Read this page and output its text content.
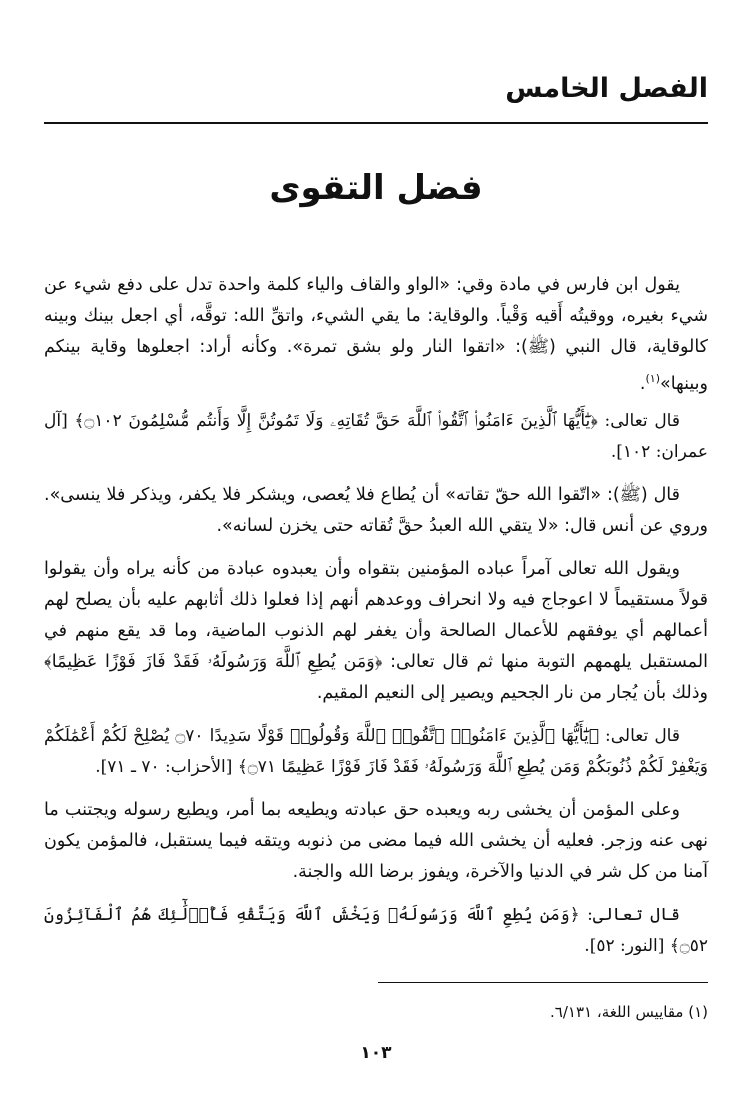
الفصل الخامس
فضل التقوى

يقول ابن فارس في مادة وقي: «الواو والقاف والياء كلمة واحدة تدل على دفع شيء عن شيء بغيره، ووقيتُه أَقيه وَقْياً. والوقاية: ما يقي الشيء، واتقِّ الله: توقَّه، أي اجعل بينك وبينه كالوقاية، قال النبي (ﷺ): «اتقوا النار ولو بشق تمرة». وكأنه أراد: اجعلوها وقاية بينكم وبينها»$^{(١)}$.

قال تعالى: ﴿يَٰٓأَيُّهَا ٱلَّذِينَ ءَامَنُوا۟ ٱتَّقُوا۟ ٱللَّهَ حَقَّ تُقَاتِهِۦ وَلَا تَمُوتُنَّ إِلَّا وَأَنتُم مُّسْلِمُونَ ۝١٠٢﴾ [آل عمران: ١٠٢].

قال (ﷺ): «اتّقوا الله حقّ تقاته» أن يُطاع فلا يُعصى، ويشكر فلا يكفر، ويذكر فلا ينسى». وروي عن أنس قال: «لا يتقي الله العبدُ حقَّ تُقاته حتى يخزن لسانه».

ويقول الله تعالى آمراً عباده المؤمنين بتقواه وأن يعبدوه عبادة من كأنه يراه وأن يقولوا قولاً مستقيماً لا اعوجاج فيه ولا انحراف ووعدهم أنهم إذا فعلوا ذلك أثابهم عليه بأن يصلح لهم أعمالهم أي يوفقهم للأعمال الصالحة وأن يغفر لهم الذنوب الماضية، وما قد يقع منهم في المستقبل يلهمهم التوبة منها ثم قال تعالى: ﴿وَمَن يُطِعِ ٱللَّهَ وَرَسُولَهُۥ فَقَدْ فَازَ فَوْزًا عَظِيمًا﴾ وذلك بأن يُجار من نار الجحيم ويصير إلى النعيم المقيم.

قال تعالى: ﴿يَٰٓأَيُّهَا ٱلَّذِينَ ءَامَنُوا۟ ٱتَّقُوا۟ ٱللَّهَ وَقُولُوا۟ قَوْلًا سَدِيدًا ۝٧٠ يُصْلِحْ لَكُمْ أَعْمَٰلَكُمْ وَيَغْفِرْ لَكُمْ ذُنُوبَكُمْ وَمَن يُطِعِ ٱللَّهَ وَرَسُولَهُۥ فَقَدْ فَازَ فَوْزًا عَظِيمًا ۝٧١﴾ [الأحزاب: ٧٠ ـ ٧١].

وعلى المؤمن أن يخشى ربه ويعبده حق عبادته ويطيعه بما أمر، ويطيع رسوله ويجتنب ما نهى عنه وزجر. فعليه أن يخشى الله فيما مضى من ذنوبه ويتقه فيما يستقبل، فالمؤمن يكون آمنا من كل شر في الدنيا والآخرة، ويفوز برضا الله والجنة.

قال تعالى: ﴿وَمَن يُطِعِ ٱللَّهَ وَرَسُولَهُۥ وَيَخْشَ ٱللَّهَ وَيَتَّقْهِ فَأُو۟لَٰٓئِكَ هُمُ ٱلْفَآئِزُونَ ۝٥٢﴾ [النور: ٥٢].

(١) مقاييس اللغة، ٦/١٣١.
١٠٣
